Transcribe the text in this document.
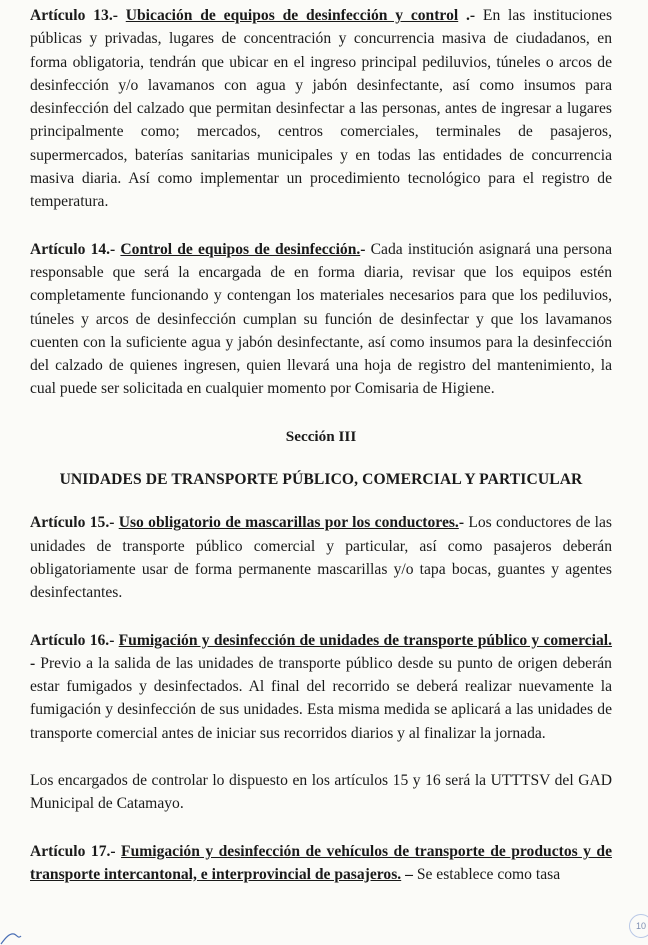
Artículo 13.- Ubicación de equipos de desinfección y control .- En las instituciones públicas y privadas, lugares de concentración y concurrencia masiva de ciudadanos, en forma obligatoria, tendrán que ubicar en el ingreso principal pediluvios, túneles o arcos de desinfección y/o lavamanos con agua y jabón desinfectante, así como insumos para desinfección del calzado que permitan desinfectar a las personas, antes de ingresar a lugares principalmente como; mercados, centros comerciales, terminales de pasajeros, supermercados, baterías sanitarias municipales y en todas las entidades de concurrencia masiva diaria. Así como implementar un procedimiento tecnológico para el registro de temperatura.

Artículo 14.- Control de equipos de desinfección.- Cada institución asignará una persona responsable que será la encargada de en forma diaria, revisar que los equipos estén completamente funcionando y contengan los materiales necesarios para que los pediluvios, túneles y arcos de desinfección cumplan su función de desinfectar y que los lavamanos cuenten con la suficiente agua y jabón desinfectante, así como insumos para la desinfección del calzado de quienes ingresen, quien llevará una hoja de registro del mantenimiento, la cual puede ser solicitada en cualquier momento por Comisaria de Higiene.

Sección III

UNIDADES DE TRANSPORTE PÚBLICO, COMERCIAL Y PARTICULAR

Artículo 15.- Uso obligatorio de mascarillas por los conductores.- Los conductores de las unidades de transporte público comercial y particular, así como pasajeros deberán obligatoriamente usar de forma permanente mascarillas y/o tapa bocas, guantes y agentes desinfectantes.

Artículo 16.- Fumigación y desinfección de unidades de transporte público y comercial. - Previo a la salida de las unidades de transporte público desde su punto de origen deberán estar fumigados y desinfectados. Al final del recorrido se deberá realizar nuevamente la fumigación y desinfección de sus unidades. Esta misma medida se aplicará a las unidades de transporte comercial antes de iniciar sus recorridos diarios y al finalizar la jornada.

Los encargados de controlar lo dispuesto en los artículos 15 y 16 será la UTTTSV del GAD Municipal de Catamayo.

Artículo 17.- Fumigación y desinfección de vehículos de transporte de productos y de transporte intercantonal, e interprovincial de pasajeros. – Se establece como tasa

10
